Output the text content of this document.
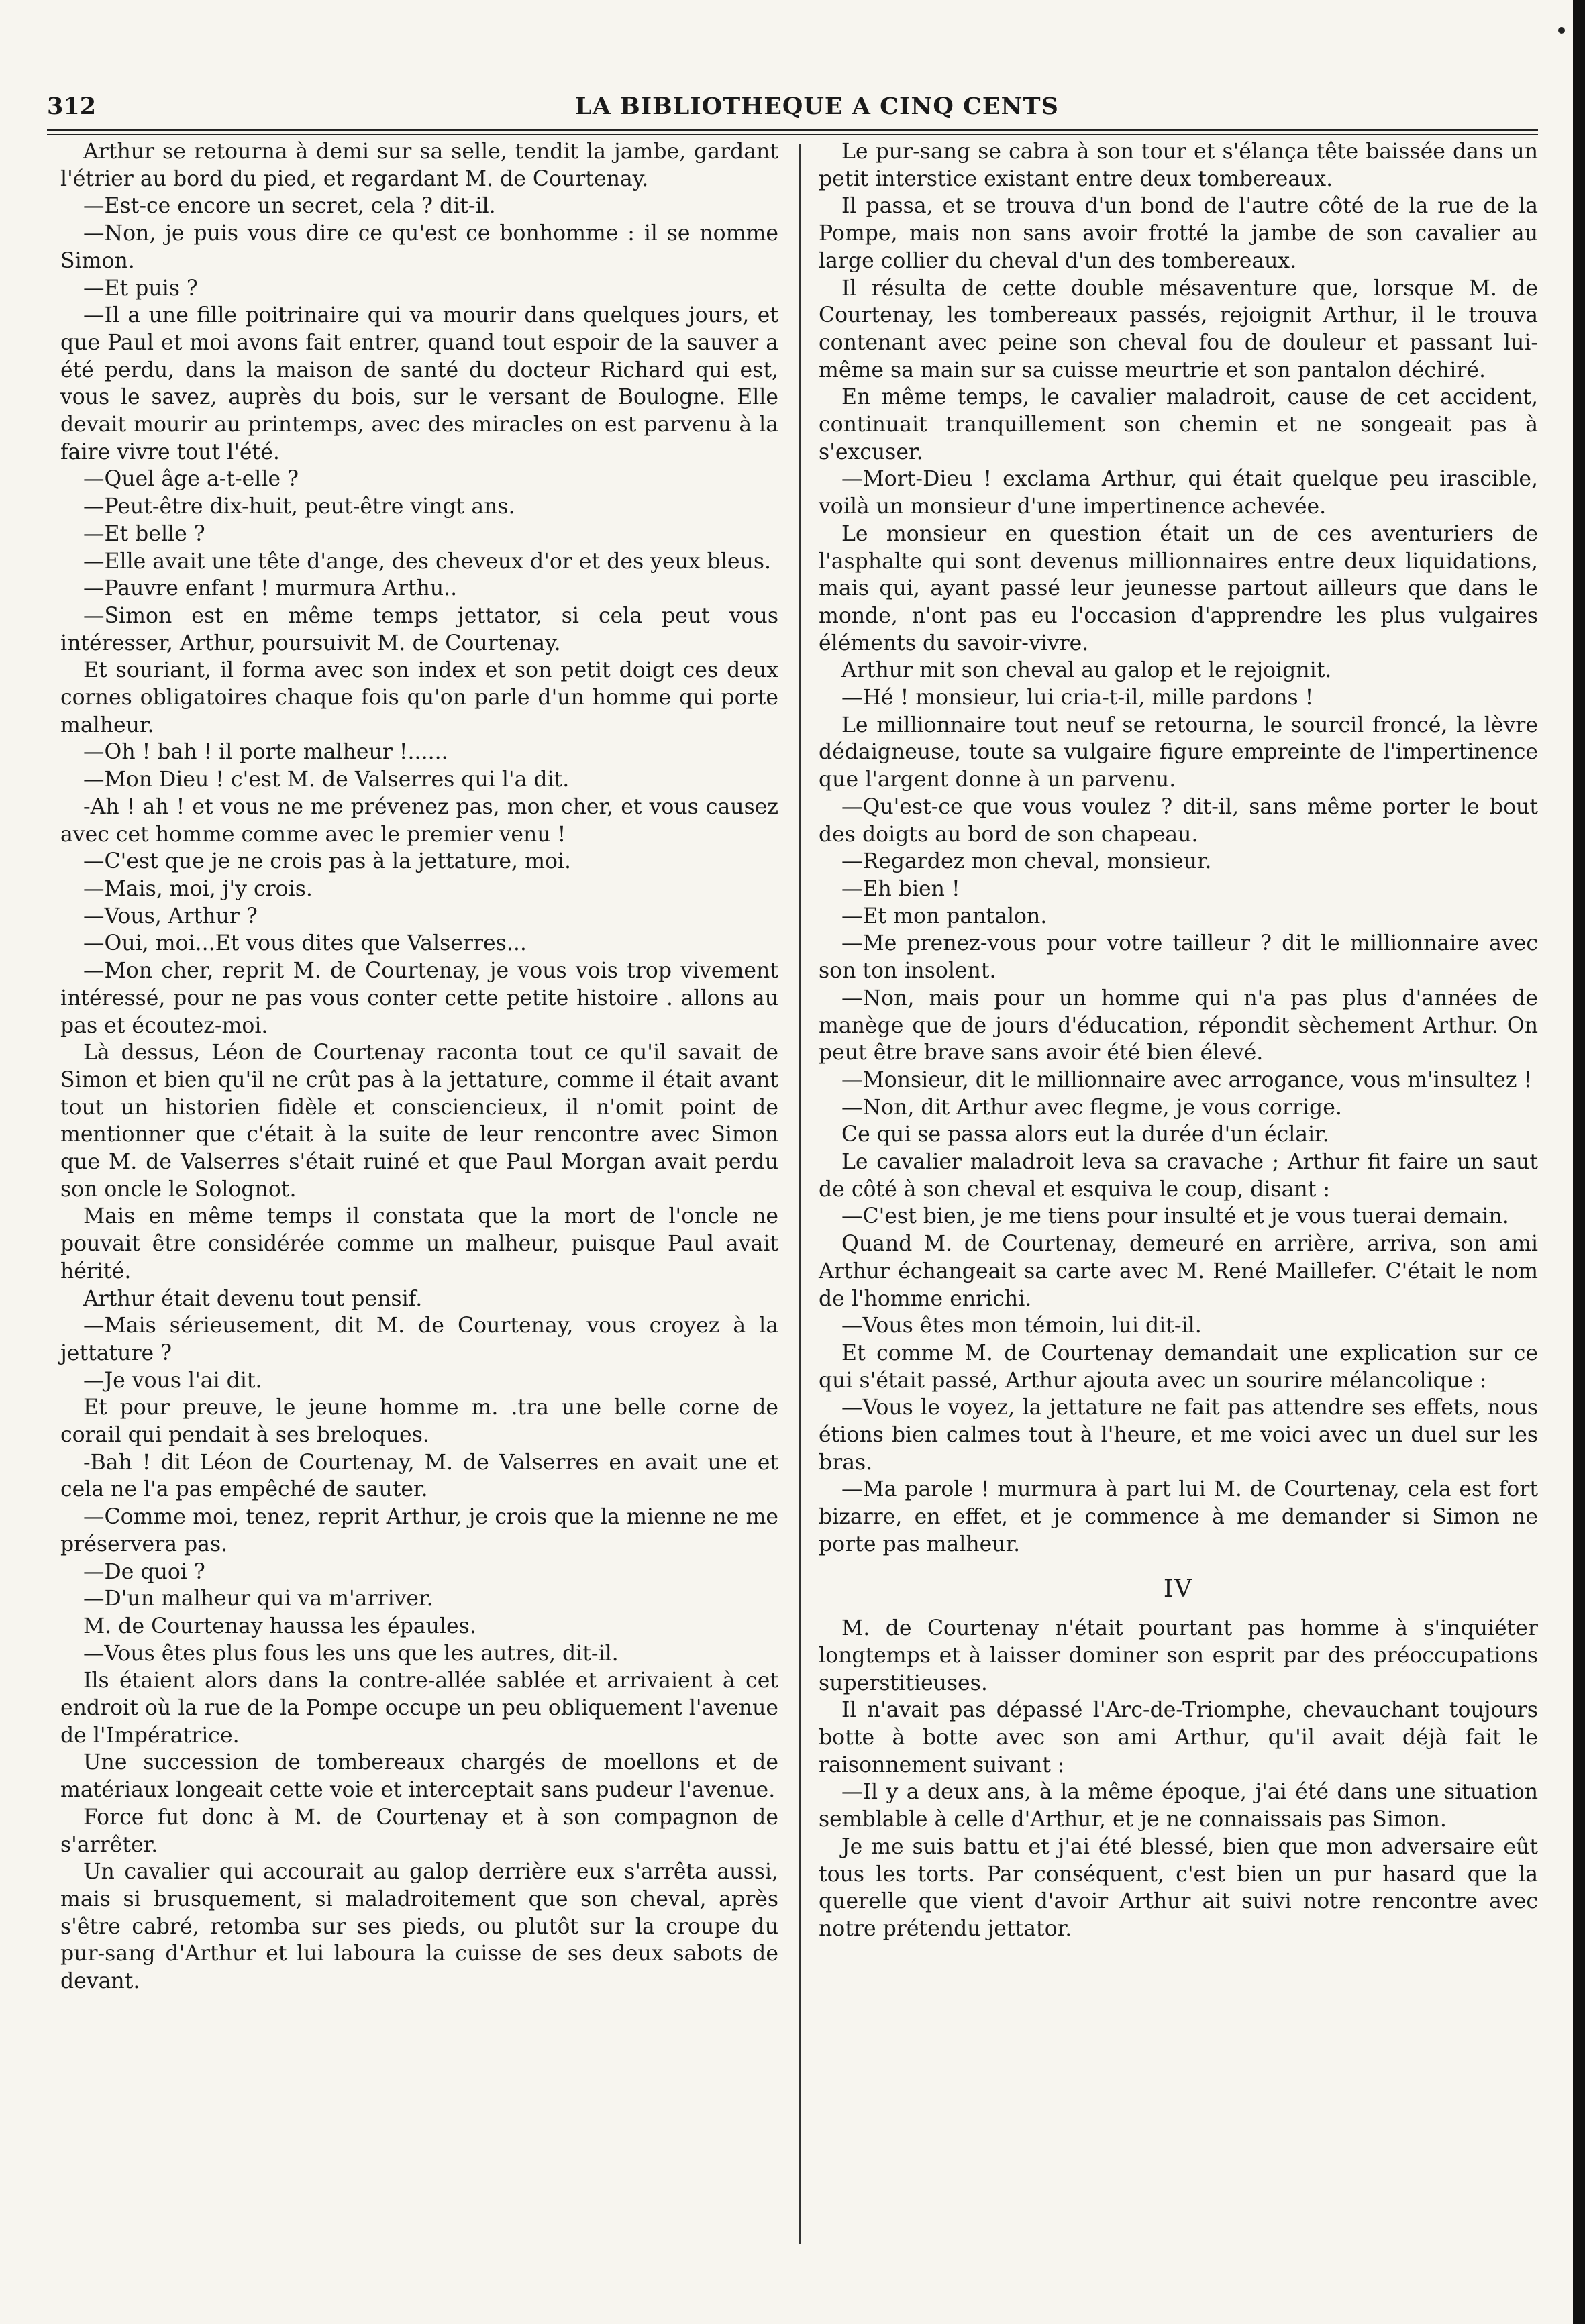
312	LA BIBLIOTHEQUE A CINQ CENTS

Arthur se retourna à demi sur sa selle, tendit la jambe, gardant l'étrier au bord du pied, et regardant M. de Courtenay.

—Est-ce encore un secret, cela ? dit-il.

—Non, je puis vous dire ce qu'est ce bonhomme : il se nomme Simon.

—Et puis ?

—Il a une fille poitrinaire qui va mourir dans quelques jours, et que Paul et moi avons fait entrer, quand tout espoir de la sauver a été perdu, dans la maison de santé du docteur Richard qui est, vous le savez, auprès du bois, sur le versant de Boulogne. Elle devait mourir au printemps, avec des miracles on est parvenu à la faire vivre tout l'été.

—Quel âge a-t-elle ?

—Peut-être dix-huit, peut-être vingt ans.

—Et belle ?

—Elle avait une tête d'ange, des cheveux d'or et des yeux bleus.

—Pauvre enfant ! murmura Arthu..

—Simon est en même temps jettator, si cela peut vous intéresser, Arthur, poursuivit M. de Courtenay.

Et souriant, il forma avec son index et son petit doigt ces deux cornes obligatoires chaque fois qu'on parle d'un homme qui porte malheur.

—Oh ! bah ! il porte malheur !......

—Mon Dieu ! c'est M. de Valserres qui l'a dit.

-Ah ! ah ! et vous ne me prévenez pas, mon cher, et vous causez avec cet homme comme avec le premier venu !

—C'est que je ne crois pas à la jettature, moi.

—Mais, moi, j'y crois.

—Vous, Arthur ?

—Oui, moi...Et vous dites que Valserres...

—Mon cher, reprit M. de Courtenay, je vous vois trop vivement intéressé, pour ne pas vous conter cette petite histoire . allons au pas et écoutez-moi.

Là dessus, Léon de Courtenay raconta tout ce qu'il savait de Simon et bien qu'il ne crût pas à la jettature, comme il était avant tout un historien fidèle et consciencieux, il n'omit point de mentionner que c'était à la suite de leur rencontre avec Simon que M. de Valserres s'était ruiné et que Paul Morgan avait perdu son oncle le Solognot.

Mais en même temps il constata que la mort de l'oncle ne pouvait être considérée comme un malheur, puisque Paul avait hérité.

Arthur était devenu tout pensif.

—Mais sérieusement, dit M. de Courtenay, vous croyez à la jettature ?

—Je vous l'ai dit.

Et pour preuve, le jeune homme m. .tra une belle corne de corail qui pendait à ses breloques.

-Bah ! dit Léon de Courtenay, M. de Valserres en avait une et cela ne l'a pas empêché de sauter.

—Comme moi, tenez, reprit Arthur, je crois que la mienne ne me préservera pas.

—De quoi ?

—D'un malheur qui va m'arriver.

M. de Courtenay haussa les épaules.

—Vous êtes plus fous les uns que les autres, dit-il.

Ils étaient alors dans la contre-allée sablée et arrivaient à cet endroit où la rue de la Pompe occupe un peu obliquement l'avenue de l'Impératrice.

Une succession de tombereaux chargés de moellons et de matériaux longeait cette voie et interceptait sans pudeur l'avenue.

Force fut donc à M. de Courtenay et à son compagnon de s'arrêter.

Un cavalier qui accourait au galop derrière eux s'arrêta aussi, mais si brusquement, si maladroitement que son cheval, après s'être cabré, retomba sur ses pieds, ou plutôt sur la croupe du pur-sang d'Arthur et lui laboura la cuisse de ses deux sabots de devant.

Le pur-sang se cabra à son tour et s'élança tête baissée dans un petit interstice existant entre deux tombereaux.

Il passa, et se trouva d'un bond de l'autre côté de la rue de la Pompe, mais non sans avoir frotté la jambe de son cavalier au large collier du cheval d'un des tombereaux.

Il résulta de cette double mésaventure que, lorsque M. de Courtenay, les tombereaux passés, rejoignit Arthur, il le trouva contenant avec peine son cheval fou de douleur et passant lui-même sa main sur sa cuisse meurtrie et son pantalon déchiré.

En même temps, le cavalier maladroit, cause de cet accident, continuait tranquillement son chemin et ne songeait pas à s'excuser.

—Mort-Dieu ! exclama Arthur, qui était quelque peu irascible, voilà un monsieur d'une impertinence achevée.

Le monsieur en question était un de ces aventuriers de l'asphalte qui sont devenus millionnaires entre deux liquidations, mais qui, ayant passé leur jeunesse partout ailleurs que dans le monde, n'ont pas eu l'occasion d'apprendre les plus vulgaires éléments du savoir-vivre.

Arthur mit son cheval au galop et le rejoignit.

—Hé ! monsieur, lui cria-t-il, mille pardons !

Le millionnaire tout neuf se retourna, le sourcil froncé, la lèvre dédaigneuse, toute sa vulgaire figure empreinte de l'impertinence que l'argent donne à un parvenu.

—Qu'est-ce que vous voulez ? dit-il, sans même porter le bout des doigts au bord de son chapeau.

—Regardez mon cheval, monsieur.

—Eh bien !

—Et mon pantalon.

—Me prenez-vous pour votre tailleur ? dit le millionnaire avec son ton insolent.

—Non, mais pour un homme qui n'a pas plus d'années de manège que de jours d'éducation, répondit sèchement Arthur. On peut être brave sans avoir été bien élevé.

—Monsieur, dit le millionnaire avec arrogance, vous m'insultez !

—Non, dit Arthur avec flegme, je vous corrige.

Ce qui se passa alors eut la durée d'un éclair.

Le cavalier maladroit leva sa cravache ; Arthur fit faire un saut de côté à son cheval et esquiva le coup, disant :

—C'est bien, je me tiens pour insulté et je vous tuerai demain.

Quand M. de Courtenay, demeuré en arrière, arriva, son ami Arthur échangeait sa carte avec M. René Maillefer. C'était le nom de l'homme enrichi.

—Vous êtes mon témoin, lui dit-il.

Et comme M. de Courtenay demandait une explication sur ce qui s'était passé, Arthur ajouta avec un sourire mélancolique :

—Vous le voyez, la jettature ne fait pas attendre ses effets, nous étions bien calmes tout à l'heure, et me voici avec un duel sur les bras.

—Ma parole ! murmura à part lui M. de Courtenay, cela est fort bizarre, en effet, et je commence à me demander si Simon ne porte pas malheur.

IV

M. de Courtenay n'était pourtant pas homme à s'inquiéter longtemps et à laisser dominer son esprit par des préoccupations superstitieuses.

Il n'avait pas dépassé l'Arc-de-Triomphe, chevauchant toujours botte à botte avec son ami Arthur, qu'il avait déjà fait le raisonnement suivant :

—Il y a deux ans, à la même époque, j'ai été dans une situation semblable à celle d'Arthur, et je ne connaissais pas Simon.

Je me suis battu et j'ai été blessé, bien que mon adversaire eût tous les torts. Par conséquent, c'est bien un pur hasard que la querelle que vient d'avoir Arthur ait suivi notre rencontre avec notre prétendu jettator.
